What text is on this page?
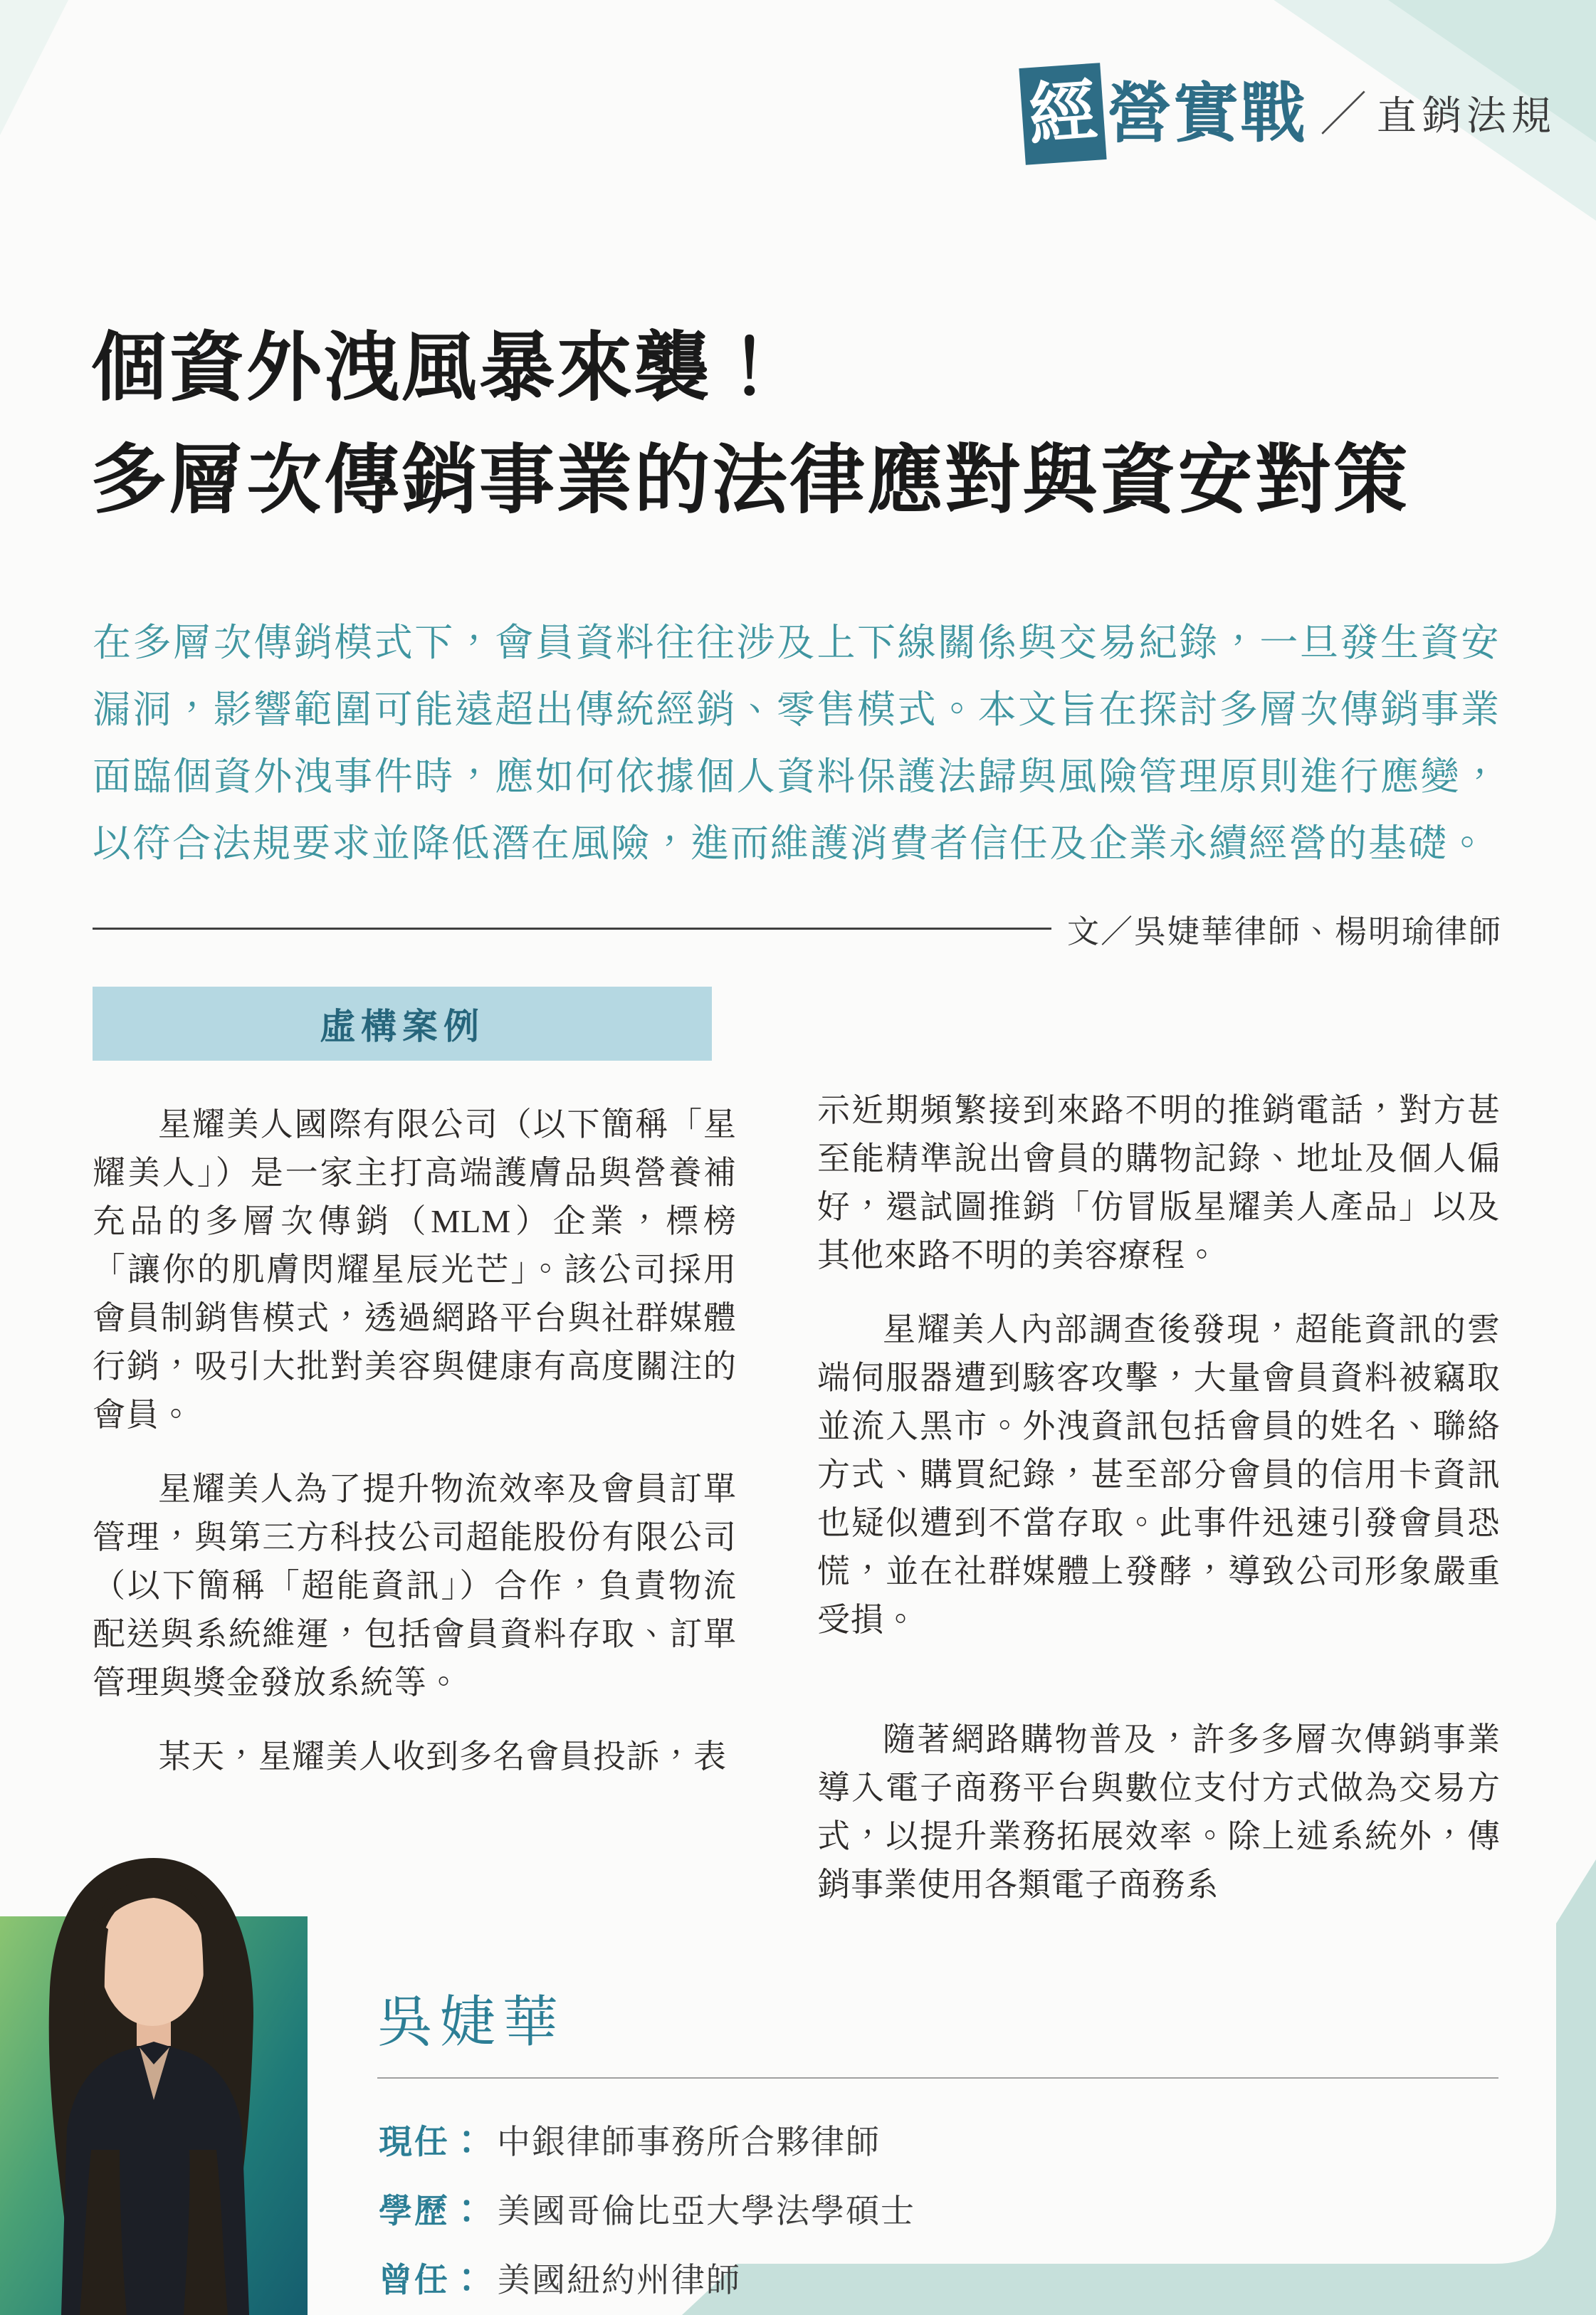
經 營實戰 ／ 直銷法規
個資外洩風暴來襲！
多層次傳銷事業的法律應對與資安對策
在多層次傳銷模式下，會員資料往往涉及上下線關係與交易紀錄，一旦發生資安漏洞，影響範圍可能遠超出傳統經銷、零售模式。本文旨在探討多層次傳銷事業面臨個資外洩事件時，應如何依據個人資料保護法歸與風險管理原則進行應變，以符合法規要求並降低潛在風險，進而維護消費者信任及企業永續經營的基礎。
文／吳婕華律師、楊明瑜律師
虛構案例

星耀美人國際有限公司（以下簡稱「星耀美人」）是一家主打高端護膚品與營養補充品的多層次傳銷（MLM）企業，標榜「讓你的肌膚閃耀星辰光芒」。該公司採用會員制銷售模式，透過網路平台與社群媒體行銷，吸引大批對美容與健康有高度關注的會員。

星耀美人為了提升物流效率及會員訂單管理，與第三方科技公司超能股份有限公司（以下簡稱「超能資訊」）合作，負責物流配送與系統維運，包括會員資料存取、訂單管理與獎金發放系統等。

某天，星耀美人收到多名會員投訴，表

示近期頻繁接到來路不明的推銷電話，對方甚至能精準說出會員的購物記錄、地址及個人偏好，還試圖推銷「仿冒版星耀美人產品」以及其他來路不明的美容療程。

星耀美人內部調查後發現，超能資訊的雲端伺服器遭到駭客攻擊，大量會員資料被竊取並流入黑市。外洩資訊包括會員的姓名、聯絡方式、購買紀錄，甚至部分會員的信用卡資訊也疑似遭到不當存取。此事件迅速引發會員恐慌，並在社群媒體上發酵，導致公司形象嚴重受損。

隨著網路購物普及，許多多層次傳銷事業導入電子商務平台與數位支付方式做為交易方式，以提升業務拓展效率。除上述系統外，傳銷事業使用各類電子商務系

吳婕華
現任： 中銀律師事務所合夥律師
學歷： 美國哥倫比亞大學法學碩士
曾任： 美國紐約州律師
